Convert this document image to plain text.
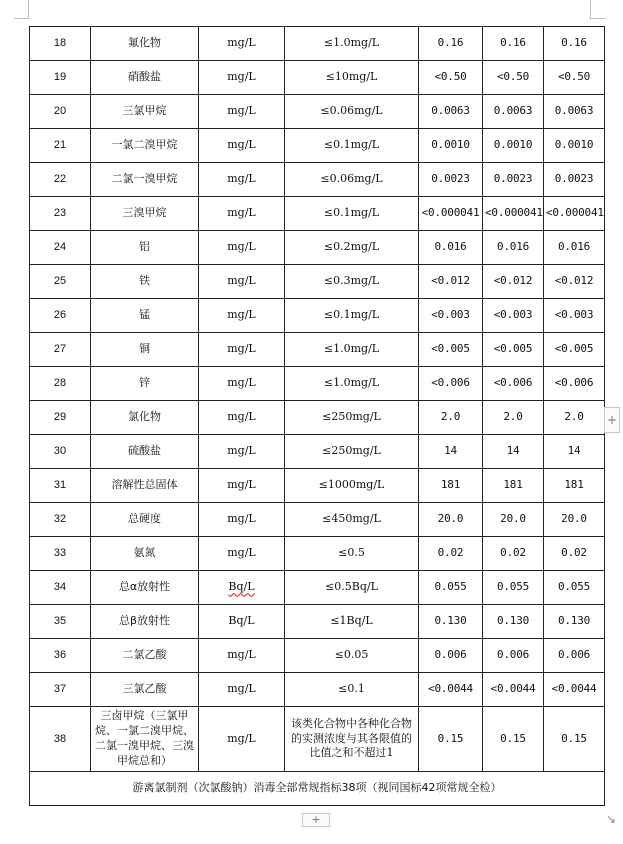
18	氟化物	mg/L	≤1.0mg/L	0.16	0.16	0.16
19	硝酸盐	mg/L	≤10mg/L	<0.50	<0.50	<0.50
20	三氯甲烷	mg/L	≤0.06mg/L	0.0063	0.0063	0.0063
21	一氯二溴甲烷	mg/L	≤0.1mg/L	0.0010	0.0010	0.0010
22	二氯一溴甲烷	mg/L	≤0.06mg/L	0.0023	0.0023	0.0023
23	三溴甲烷	mg/L	≤0.1mg/L	<0.000041	<0.000041	<0.000041
24	铝	mg/L	≤0.2mg/L	0.016	0.016	0.016
25	铁	mg/L	≤0.3mg/L	<0.012	<0.012	<0.012
26	锰	mg/L	≤0.1mg/L	<0.003	<0.003	<0.003
27	铜	mg/L	≤1.0mg/L	<0.005	<0.005	<0.005
28	锌	mg/L	≤1.0mg/L	<0.006	<0.006	<0.006
29	氯化物	mg/L	≤250mg/L	2.0	2.0	2.0
30	硫酸盐	mg/L	≤250mg/L	14	14	14
31	溶解性总固体	mg/L	≤1000mg/L	181	181	181
32	总硬度	mg/L	≤450mg/L	20.0	20.0	20.0
33	氨氮	mg/L	≤0.5	0.02	0.02	0.02
34	总α放射性	Bq/L	≤0.5Bq/L	0.055	0.055	0.055
35	总β放射性	Bq/L	≤1Bq/L	0.130	0.130	0.130
36	二氯乙酸	mg/L	≤0.05	0.006	0.006	0.006
37	三氯乙酸	mg/L	≤0.1	<0.0044	<0.0044	<0.0044
38	三卤甲烷（三氯甲烷、一氯二溴甲烷、二氯一溴甲烷、三溴甲烷总和）	mg/L	该类化合物中各种化合物的实测浓度与其各限值的比值之和不超过1	0.15	0.15	0.15
游离氯制剂（次氯酸钠）消毒全部常规指标38项（视同国标42项常规全检）						
+
+	↘
